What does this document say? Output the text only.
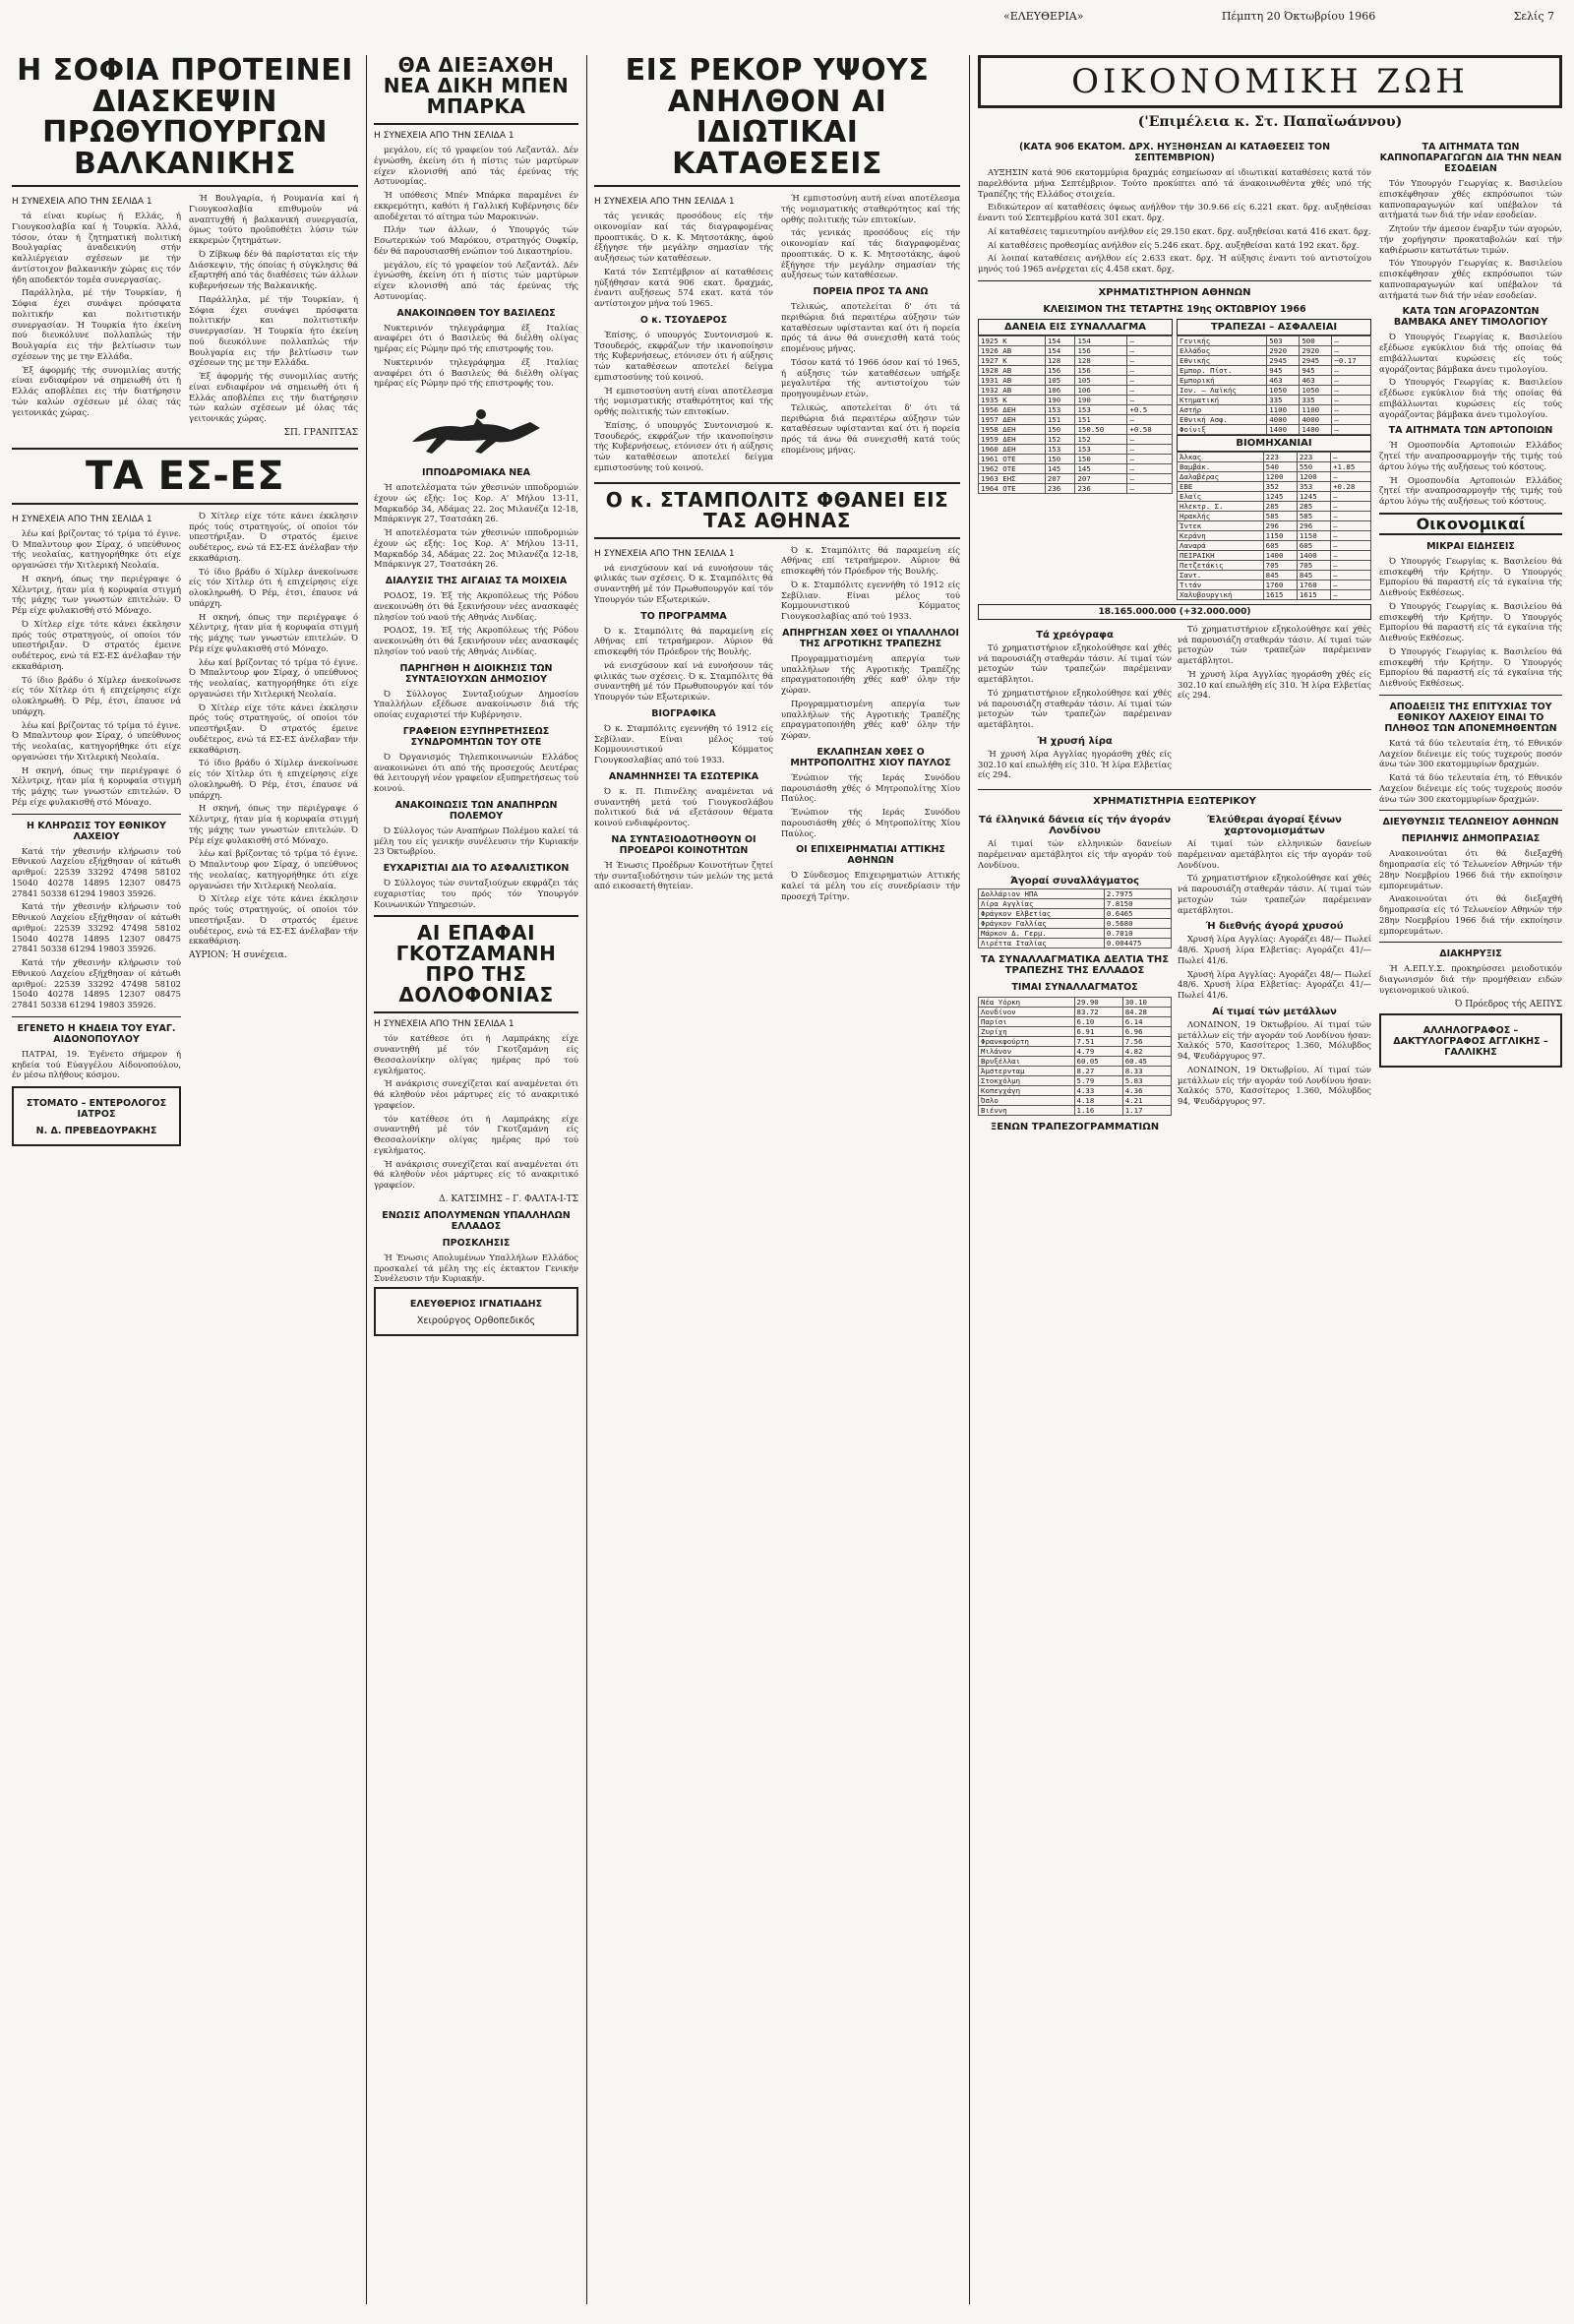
«ΕΛΕΥΘΕΡΙΑ»	Πέμπτη 20 Όκτωβρίου 1966	Σελίς 7
Η ΣΟΦΙΑ ΠΡΟΤΕΙΝΕΙ ΔΙΑΣΚΕΨΙΝ ΠΡΩΘΥΠΟΥΡΓΩΝ ΒΑΛΚΑΝΙΚΗΣ
Η ΣΥΝΕΧΕΙΑ ΑΠΟ ΤΗΝ ΣΕΛΙΔΑ 1

τά είναι κυρίως ή Ελλάς, ή Γιουγκοσλαβία καί ή Τουρκία. Άλλά, τόσον, όταν ή ζητηματική πολιτική Βουλγαρίας άναδεικνύη στήν καλλιέργειαν σχέσεων με τήν άντίστοιχον βαλκανικήν χώρας εις τόν ήδη αποδεκτόν τομέα συνεργασίας.

Παράλληλα, μέ τήν Τουρκίαν, ή Σόφια έχει συνάψει πρόσφατα πολιτικήν και πολιτιστικήν συνεργασίαν. Ή Τουρκία ήτο έκείνη πού διευκόλυνε πολλαπλώς τήν Βουλγαρία εις τήν βελτίωσιν των σχέσεων της με την Ελλάδα.

Έξ άφορμής τής συνομιλίας αυτής είναι ενδιαφέρον νά σημειωθή ότι ή Ελλάς αποβλέπει εις τήν διατήρησιν τών καλών σχέσεων μέ όλας τάς γειτονικάς χώρας.

Ή Βουλγαρία, ή Ρουμανία καί ή Γιουγκοσλαβία επιθυμούν νά αναπτυχθή ή βαλκανική συνεργασία, όμως τούτο προϋποθέτει λύσιν τών εκκρεμών ζητημάτων.

Ό Ζίβκωφ δέν θά παρίσταται είς τήν Διάσκεψιν, τής όποίας ή σύγκλησις θά εξαρτηθή από τάς διαθέσεις τών άλλων κυβερνήσεων τής Βαλκανικής.

Παράλληλα, μέ τήν Τουρκίαν, ή Σόφια έχει συνάψει πρόσφατα πολιτικήν και πολιτιστικήν συνεργασίαν. Ή Τουρκία ήτο έκείνη πού διευκόλυνε πολλαπλώς τήν Βουλγαρία εις τήν βελτίωσιν των σχέσεων της με την Ελλάδα.

Έξ άφορμής τής συνομιλίας αυτής είναι ενδιαφέρον νά σημειωθή ότι ή Ελλάς αποβλέπει εις τήν διατήρησιν τών καλών σχέσεων μέ όλας τάς γειτονικάς χώρας.

ΣΠ. ΓΡΑΝΙΤΣΑΣ
ΤΑ ΕΣ-ΕΣ
Η ΣΥΝΕΧΕΙΑ ΑΠΟ ΤΗΝ ΣΕΛΙΔΑ 1

λέω καί βρίζοντας τό τρίμα τό έγινε. Ό Μπαλντουρ φον Σίραχ, ό υπεύθυνος τής νεολαίας, κατηγορήθηκε ότι είχε οργανώσει τήν Χιτλερική Νεολαία.

Η σκηνή, όπως την περιέγραψε ό Χέλντριχ, ήταν μία ή κορυφαία στιγμή τής μάχης των γνωστών επιτελών. Ό Ρέμ είχε φυλακισθή στό Μόναχο.

Ό Χίτλερ είχε τότε κάνει έκκλησιν πρός τούς στρατηγούς, οί οποίοι τόν υπεστήριξαν. Ό στρατός έμεινε ουδέτερος, ενώ τά ΕΣ-ΕΣ άνέλαβαν τήν εκκαθάριση.

Τό ίδιο βράδυ ό Χίμλερ άνεκοίνωσε είς τόν Χίτλερ ότι ή επιχείρησις είχε ολοκληρωθή. Ό Ρέμ, έτσι, έπαυσε νά υπάρχη.

λέω καί βρίζοντας τό τρίμα τό έγινε. Ό Μπαλντουρ φον Σίραχ, ό υπεύθυνος τής νεολαίας, κατηγορήθηκε ότι είχε οργανώσει τήν Χιτλερική Νεολαία.

Η σκηνή, όπως την περιέγραψε ό Χέλντριχ, ήταν μία ή κορυφαία στιγμή τής μάχης των γνωστών επιτελών. Ό Ρέμ είχε φυλακισθή στό Μόναχο.

Η ΚΛΗΡΩΣΙΣ ΤΟΥ ΕΘΝΙΚΟΥ ΛΑΧΕΙΟΥ

Κατά τήν χθεσινήν κλήρωσιν τού Εθνικού Λαχείου εξήχθησαν οί κάτωθι αριθμοί: 22539 33292 47498 58102 15040 40278 14895 12307 08475 27841 50338 61294 19803 35926.

Κατά τήν χθεσινήν κλήρωσιν τού Εθνικού Λαχείου εξήχθησαν οί κάτωθι αριθμοί: 22539 33292 47498 58102 15040 40278 14895 12307 08475 27841 50338 61294 19803 35926.

Κατά τήν χθεσινήν κλήρωσιν τού Εθνικού Λαχείου εξήχθησαν οί κάτωθι αριθμοί: 22539 33292 47498 58102 15040 40278 14895 12307 08475 27841 50338 61294 19803 35926.

ΕΓΕΝΕΤΟ Η ΚΗΔΕΙΑ ΤΟΥ ΕΥΑΓ. ΑΙΔΟΝΟΠΟΥΛΟΥ

ΠΑΤΡΑΙ, 19. Έγένετο σήμερον ή κηδεία τού Εύαγγέλου Αίδονοπούλου, έν μέσω πλήθους κόσμου.

ΣΤΟΜΑΤΟ – ΕΝΤΕΡΟΛΟΓΟΣ ΙΑΤΡΟΣ
Ν. Δ. ΠΡΕΒΕΔΟΥΡΑΚΗΣ

Ό Χίτλερ είχε τότε κάνει έκκλησιν πρός τούς στρατηγούς, οί οποίοι τόν υπεστήριξαν. Ό στρατός έμεινε ουδέτερος, ενώ τά ΕΣ-ΕΣ άνέλαβαν τήν εκκαθάριση.

Τό ίδιο βράδυ ό Χίμλερ άνεκοίνωσε είς τόν Χίτλερ ότι ή επιχείρησις είχε ολοκληρωθή. Ό Ρέμ, έτσι, έπαυσε νά υπάρχη.

Η σκηνή, όπως την περιέγραψε ό Χέλντριχ, ήταν μία ή κορυφαία στιγμή τής μάχης των γνωστών επιτελών. Ό Ρέμ είχε φυλακισθή στό Μόναχο.

λέω καί βρίζοντας τό τρίμα τό έγινε. Ό Μπαλντουρ φον Σίραχ, ό υπεύθυνος τής νεολαίας, κατηγορήθηκε ότι είχε οργανώσει τήν Χιτλερική Νεολαία.

Ό Χίτλερ είχε τότε κάνει έκκλησιν πρός τούς στρατηγούς, οί οποίοι τόν υπεστήριξαν. Ό στρατός έμεινε ουδέτερος, ενώ τά ΕΣ-ΕΣ άνέλαβαν τήν εκκαθάριση.

Τό ίδιο βράδυ ό Χίμλερ άνεκοίνωσε είς τόν Χίτλερ ότι ή επιχείρησις είχε ολοκληρωθή. Ό Ρέμ, έτσι, έπαυσε νά υπάρχη.

Η σκηνή, όπως την περιέγραψε ό Χέλντριχ, ήταν μία ή κορυφαία στιγμή τής μάχης των γνωστών επιτελών. Ό Ρέμ είχε φυλακισθή στό Μόναχο.

λέω καί βρίζοντας τό τρίμα τό έγινε. Ό Μπαλντουρ φον Σίραχ, ό υπεύθυνος τής νεολαίας, κατηγορήθηκε ότι είχε οργανώσει τήν Χιτλερική Νεολαία.

Ό Χίτλερ είχε τότε κάνει έκκλησιν πρός τούς στρατηγούς, οί οποίοι τόν υπεστήριξαν. Ό στρατός έμεινε ουδέτερος, ενώ τά ΕΣ-ΕΣ άνέλαβαν τήν εκκαθάριση.

ΑΥΡΙΟΝ: Ή συνέχεια.
ΘΑ ΔΙΕΞΑΧΘΗ ΝΕΑ ΔΙΚΗ ΜΠΕΝ ΜΠΑΡΚΑ
Η ΣΥΝΕΧΕΙΑ ΑΠΟ ΤΗΝ ΣΕΛΙΔΑ 1

μεγάλου, είς τό γραφείον τού Λεζαντάλ. Δέν έγνώσθη, έκείνη ότι ή πίστις τών μαρτύρων είχεν κλονισθή από τάς έρεύνας τής Αστυνομίας.

Ή υπόθεσις Μπέν Μπάρκα παραμένει έν εκκρεμότητι, καθότι ή Γαλλική Κυβέρνησις δέν αποδέχεται τό αίτημα τών Μαροκινών.

Πλήν των άλλων, ό Υπουργός τών Εσωτερικών τού Μαρόκου, στρατηγός Ουφκίρ, δέν θά παρουσιασθή ενώπιον τού Δικαστηρίου.

μεγάλου, είς τό γραφείον τού Λεζαντάλ. Δέν έγνώσθη, έκείνη ότι ή πίστις τών μαρτύρων είχεν κλονισθή από τάς έρεύνας τής Αστυνομίας.

ΑΝΑΚΟΙΝΩΘΕΝ ΤΟΥ ΒΑΣΙΛΕΩΣ

Νυκτερινόν τηλεγράφημα έξ Ιταλίας αναφέρει ότι ό Βασιλεύς θά διέλθη ολίγας ημέρας είς Ρώμην πρό τής επιστροφής του.

Νυκτερινόν τηλεγράφημα έξ Ιταλίας αναφέρει ότι ό Βασιλεύς θά διέλθη ολίγας ημέρας είς Ρώμην πρό τής επιστροφής του.

ΙΠΠΟΔΡΟΜΙΑΚΑ ΝΕΑ

Ή αποτελέσματα τών χθεσινών ιπποδρομιών έχουν ώς εξής: 1ος Κορ. Α' Μήλου 13-11, Μαρκαδόρ 34, Αδάμας 22. 2ος Μιλανέζα 12-18, Μπάρκινγκ 27, Τσατσάκη 26.

Ή αποτελέσματα τών χθεσινών ιπποδρομιών έχουν ώς εξής: 1ος Κορ. Α' Μήλου 13-11, Μαρκαδόρ 34, Αδάμας 22. 2ος Μιλανέζα 12-18, Μπάρκινγκ 27, Τσατσάκη 26.

ΔΙΑΛΥΣΙΣ ΤΗΣ ΑΙΓΑΙΑΣ ΤΑ ΜΟΙΧΕΙΑ

ΡΟΔΟΣ, 19. Έξ τής Ακροπόλεως τής Ρόδου ανεκοινώθη ότι θά ξεκινήσουν νέες ανασκαφές πλησίον τού ναού τής Αθηνάς Λινδίας.

ΡΟΔΟΣ, 19. Έξ τής Ακροπόλεως τής Ρόδου ανεκοινώθη ότι θά ξεκινήσουν νέες ανασκαφές πλησίον τού ναού τής Αθηνάς Λινδίας.

ΠΑΡΗΓΗΘΗ Η ΔΙΟΙΚΗΣΙΣ ΤΩΝ ΣΥΝΤΑΞΙΟΥΧΩΝ ΔΗΜΟΣΙΟΥ

Ό Σύλλογος Συνταξιούχων Δημοσίου Υπαλλήλων εξέδωσε ανακοίνωσιν διά τής οποίας ευχαριστεί τήν Κυβέρνησιν.

ΓΡΑΦΕΙΟΝ ΕΞΥΠΗΡΕΤΗΣΕΩΣ ΣΥΝΔΡΟΜΗΤΩΝ ΤΟΥ ΟΤΕ

Ό Όργανισμός Τηλεπικοινωνιών Ελλάδος ανακοινώνει ότι από τής προσεχούς Δευτέρας θά λειτουργή νέον γραφείον εξυπηρετήσεως τού κοινού.

ΑΝΑΚΟΙΝΩΣΙΣ ΤΩΝ ΑΝΑΠΗΡΩΝ ΠΟΛΕΜΟΥ

Ό Σύλλογος τών Αναπήρων Πολέμου καλεί τά μέλη του είς γενικήν συνέλευσιν τήν Κυριακήν 23 Όκτωβρίου.

ΕΥΧΑΡΙΣΤΙΑΙ ΔΙΑ ΤΟ ΑΣΦΑΛΙΣΤΙΚΟΝ

Ό Σύλλογος τών συνταξιούχων εκφράζει τάς ευχαριστίας του πρός τόν Υπουργόν Κοινωνικών Υπηρεσιών.

ΑΙ ΕΠΑΦΑΙ ΓΚΟΤΖΑΜΑΝΗ ΠΡΟ ΤΗΣ ΔΟΛΟΦΟΝΙΑΣ
Η ΣΥΝΕΧΕΙΑ ΑΠΟ ΤΗΝ ΣΕΛΙΔΑ 1

τόν κατέθεσε ότι ή Λαμπράκης είχε συναντηθή μέ τόν Γκοτζαμάνη είς Θεσσαλονίκην ολίγας ημέρας πρό τού εγκλήματος.

Ή ανάκρισις συνεχίζεται καί αναμένεται ότι θά κληθούν νέοι μάρτυρες είς τό ανακριτικό γραφείον.

τόν κατέθεσε ότι ή Λαμπράκης είχε συναντηθή μέ τόν Γκοτζαμάνη είς Θεσσαλονίκην ολίγας ημέρας πρό τού εγκλήματος.

Ή ανάκρισις συνεχίζεται καί αναμένεται ότι θά κληθούν νέοι μάρτυρες είς τό ανακριτικό γραφείον.

Δ. ΚΑΤΣΙΜΗΣ – Γ. ΦΑΛΤΑ-Ι-ΤΣ
ΕΝΩΣΙΣ ΑΠΟΛΥΜΕΝΩΝ ΥΠΑΛΛΗΛΩΝ ΕΛΛΑΔΟΣ
ΠΡΟΣΚΛΗΣΙΣ

Ή Ένωσις Απολυμένων Υπαλλήλων Ελλάδος προσκαλεί τά μέλη της είς έκτακτον Γενικήν Συνέλευσιν τήν Κυριακήν.

ΕΛΕΥΘΕΡΙΟΣ ΙΓΝΑΤΙΑΔΗΣ
Χειρούργος Ορθοπεδικός
ΕΙΣ ΡΕΚΟΡ ΥΨΟΥΣ ΑΝΗΛΘΟΝ ΑΙ ΙΔΙΩΤΙΚΑΙ ΚΑΤΑΘΕΣΕΙΣ
Η ΣΥΝΕΧΕΙΑ ΑΠΟ ΤΗΝ ΣΕΛΙΔΑ 1

τάς γενικάς προσόδους είς τήν οικονομίαν καί τάς διαγραφομένας προοπτικάς. Ό κ. Κ. Μητσοτάκης, άφού έξήγησε τήν μεγάλην σημασίαν τής αυξήσεως τών καταθέσεων.

Κατά τόν Σεπτέμβριον αί καταθέσεις ηύξήθησαν κατά 906 εκατ. δραχμάς, έναντι αυξήσεως 574 εκατ. κατά τόν αντίστοιχον μήνα τού 1965.

Ο κ. ΤΣΟΥΔΕΡΟΣ

Έπίσης, ό υπουργός Συντονισμού κ. Τσουδερός, εκφράζων τήν ικανοποίησιν τής Κυβερνήσεως, ετόνισεν ότι ή αύξησις τών καταθέσεων αποτελεί δείγμα εμπιστοσύνης τού κοινού.

Ή εμπιστοσύνη αυτή είναι αποτέλεσμα τής νομισματικής σταθερότητος καί τής ορθής πολιτικής τών επιτοκίων.

Έπίσης, ό υπουργός Συντονισμού κ. Τσουδερός, εκφράζων τήν ικανοποίησιν τής Κυβερνήσεως, ετόνισεν ότι ή αύξησις τών καταθέσεων αποτελεί δείγμα εμπιστοσύνης τού κοινού.

Ή εμπιστοσύνη αυτή είναι αποτέλεσμα τής νομισματικής σταθερότητος καί τής ορθής πολιτικής τών επιτοκίων.

τάς γενικάς προσόδους είς τήν οικονομίαν καί τάς διαγραφομένας προοπτικάς. Ό κ. Κ. Μητσοτάκης, άφού έξήγησε τήν μεγάλην σημασίαν τής αυξήσεως τών καταθέσεων.

ΠΟΡΕΙΑ ΠΡΟΣ ΤΑ ΑΝΩ

Τελικώς, αποτελείται δ' ότι τά περιθώρια διά περαιτέρω αύξησιν τών καταθέσεων υφίστανται καί ότι ή πορεία πρός τά άνω θά συνεχισθή κατά τούς επομένους μήνας.

Τόσον κατά τό 1966 όσον καί τό 1965, ή αύξησις τών καταθέσεων υπήρξε μεγαλυτέρα τής αντιστοίχου τών προηγουμένων ετών.

Τελικώς, αποτελείται δ' ότι τά περιθώρια διά περαιτέρω αύξησιν τών καταθέσεων υφίστανται καί ότι ή πορεία πρός τά άνω θά συνεχισθή κατά τούς επομένους μήνας.

Ο κ. ΣΤΑΜΠΟΛΙΤΣ ΦΘΑΝΕΙ ΕΙΣ ΤΑΣ ΑΘΗΝΑΣ
Η ΣΥΝΕΧΕΙΑ ΑΠΟ ΤΗΝ ΣΕΛΙΔΑ 1

νά ενισχύσουν καί νά ευνοήσουν τάς φιλικάς των σχέσεις. Ό κ. Σταμπόλιτς θά συναντηθή μέ τόν Πρωθυπουργόν καί τόν Υπουργόν τών Εξωτερικών.

ΤΟ ΠΡΟΓΡΑΜΜΑ

Ό κ. Σταμπόλιτς θά παραμείνη είς Αθήνας επί τετραήμερον. Αύριον θά επισκεφθή τόν Πρόεδρον τής Βουλής.

νά ενισχύσουν καί νά ευνοήσουν τάς φιλικάς των σχέσεις. Ό κ. Σταμπόλιτς θά συναντηθή μέ τόν Πρωθυπουργόν καί τόν Υπουργόν τών Εξωτερικών.

ΒΙΟΓΡΑΦΙΚΑ

Ό κ. Σταμπόλιτς εγεννήθη τό 1912 είς Σεβίλιαν. Είναι μέλος τού Κομμουνιστικού Κόμματος Γιουγκοσλαβίας από τού 1933.

ΑΝΑΜΗΝΗΣΕΙ ΤΑ ΕΣΩΤΕΡΙΚΑ

Ό κ. Π. Πιπινέλης αναμένεται νά συναντηθή μετά τού Γιουγκοσλάβου πολιτικού διά νά εξετάσουν θέματα κοινού ενδιαφέροντος.

ΝΑ ΣΥΝΤΑΞΙΟΔΟΤΗΘΟΥΝ ΟΙ ΠΡΟΕΔΡΟΙ ΚΟΙΝΟΤΗΤΩΝ

Ή Ένωσις Προέδρων Κοινοτήτων ζητεί τήν συνταξιοδότησιν τών μελών της μετά από εικοσαετή θητείαν.

Ό κ. Σταμπόλιτς θά παραμείνη είς Αθήνας επί τετραήμερον. Αύριον θά επισκεφθή τόν Πρόεδρον τής Βουλής.

Ό κ. Σταμπόλιτς εγεννήθη τό 1912 είς Σεβίλιαν. Είναι μέλος τού Κομμουνιστικού Κόμματος Γιουγκοσλαβίας από τού 1933.

ΑΠΗΡΓΗΣΑΝ ΧΘΕΣ ΟΙ ΥΠΑΛΛΗΛΟΙ ΤΗΣ ΑΓΡΟΤΙΚΗΣ ΤΡΑΠΕΖΗΣ

Προγραμματισμένη απεργία των υπαλλήλων τής Αγροτικής Τραπέζης επραγματοποιήθη χθές καθ' όλην τήν χώραν.

Προγραμματισμένη απεργία των υπαλλήλων τής Αγροτικής Τραπέζης επραγματοποιήθη χθές καθ' όλην τήν χώραν.

ΕΚΛΑΠΗΣΑΝ ΧΘΕΣ Ο ΜΗΤΡΟΠΟΛΙΤΗΣ ΧΙΟΥ ΠΑΥΛΟΣ

Ένώπιον τής Ιεράς Συνόδου παρουσιάσθη χθές ό Μητροπολίτης Χίου Παύλος.

Ένώπιον τής Ιεράς Συνόδου παρουσιάσθη χθές ό Μητροπολίτης Χίου Παύλος.

ΟΙ ΕΠΙΧΕΙΡΗΜΑΤΙΑΙ ΑΤΤΙΚΗΣ ΑΘΗΝΩΝ

Ό Σύνδεσμος Επιχειρηματιών Αττικής καλεί τά μέλη του είς συνεδρίασιν τήν προσεχή Τρίτην.

ΟΙΚΟΝΟΜΙΚΗ ΖΩΗ
('Επιμέλεια κ. Στ. Παπαϊωάννου)
(ΚΑΤΑ 906 ΕΚΑΤΟΜ. ΔΡΧ. ΗΥΞΗΘΗΣΑΝ ΑΙ ΚΑΤΑΘΕΣΕΙΣ ΤΟΝ ΣΕΠΤΕΜΒΡΙΟΝ)

ΑΥΞΗΣΙΝ κατά 906 εκατομμύρια δραχμάς εσημείωσαν αί ιδιωτικαί καταθέσεις κατά τόν παρελθόντα μήνα Σεπτέμβριον. Τούτο προκύπτει από τά άνακοινωθέντα χθές υπό τής Τραπέζης τής Ελλάδος στοιχεία.

Ειδικώτερον αί καταθέσεις όψεως ανήλθον τήν 30.9.66 είς 6.221 εκατ. δρχ. αυξηθείσαι έναντι τού Σεπτεμβρίου κατά 301 εκατ. δρχ.

Αί καταθέσεις ταμιευτηρίου ανήλθον είς 29.150 εκατ. δρχ. αυξηθείσαι κατά 416 εκατ. δρχ.

Αί καταθέσεις προθεσμίας ανήλθον είς 5.246 εκατ. δρχ. αυξηθείσαι κατά 192 εκατ. δρχ.

Αί λοιπαί καταθέσεις ανήλθον είς 2.633 εκατ. δρχ. Ή αύξησις έναντι τού αντιστοίχου μηνός τού 1965 ανέρχεται είς 4.458 εκατ. δρχ.

ΧΡΗΜΑΤΙΣΤΗΡΙΟΝ ΑΘΗΝΩΝ
ΚΛΕΙΣΙΜΟΝ ΤΗΣ ΤΕΤΑΡΤΗΣ 19ης ΟΚΤΩΒΡΙΟΥ 1966
ΔΑΝΕΙΑ ΕΙΣ ΣΥΝΑΛΛΑΓΜΑ
1925 Κ	154	154	—
1926 ΑΒ	154	156	—
1927 Κ	128	128	—
1928 ΑΒ	156	156	—
1931 ΑΒ	105	105	—
1932 ΑΒ	106	106	—
1935 Κ	190	190	—
1956 ΔΕΗ	153	153	+0.5
1957 ΔΕΗ	151	151	—
1958 ΔΕΗ	150	150.50	+0.50
1959 ΔΕΗ	152	152	—
1960 ΔΕΗ	153	153	—
1961 ΟΤΕ	150	150	—
1962 ΟΤΕ	145	145	—
1963 ΕΗΣ	207	207	—
1964 ΟΤΕ	236	236	—
ΤΡΑΠΕΖΑΙ – ΑΣΦΑΛΕΙΑΙ
Γενικής	503	500	—
Ελλάδος	2920	2920	—
Εθνικής	2945	2945	−0.17
Εμπορ. Πίστ.	945	945	—
Εμπορική	463	463	—
Ιον. – Λαϊκής	1050	1050	—
Κτηματική	335	335	—
Αστήρ	1100	1100	—
Εθνική Ασφ.	4000	4000	—
Φοίνιξ	1400	1400	—
ΒΙΟΜΗΧΑΝΙΑΙ
Άλκας	223	223	—
Βαμβάκ.	540	550	+1.85
Δαλαβέρας	1200	1200	—
ΕΒΕ	352	353	+0.28
Ελαϊς	1245	1245	—
Ηλεκτρ. Σ.	285	285	—
Ηρακλής	585	585	—
Ίντεκ	296	296	—
Κεράνη	1150	1150	—
Λαναρά	605	605	—
ΠΕΙΡΑΙΚΗ	1400	1400	—
Πετζετάκις	705	705	—
Σαντ.	845	845	—
Τιτάν	1760	1760	—
Χαλυβουργική	1615	1615	—
18.165.000.000 (+32.000.000)
Τά χρεόγραφα

Τό χρηματιστήριον εξηκολούθησε καί χθές νά παρουσιάζη σταθεράν τάσιν. Αί τιμαί τών μετοχών τών τραπεζών παρέμειναν αμετάβλητοι.

Τό χρηματιστήριον εξηκολούθησε καί χθές νά παρουσιάζη σταθεράν τάσιν. Αί τιμαί τών μετοχών τών τραπεζών παρέμειναν αμετάβλητοι.

Ή χρυσή λίρα

Ή χρυσή λίρα Αγγλίας ηγοράσθη χθές είς 302.10 καί επωλήθη είς 310. Ή λίρα Ελβετίας είς 294.

Τό χρηματιστήριον εξηκολούθησε καί χθές νά παρουσιάζη σταθεράν τάσιν. Αί τιμαί τών μετοχών τών τραπεζών παρέμειναν αμετάβλητοι.

Ή χρυσή λίρα Αγγλίας ηγοράσθη χθές είς 302.10 καί επωλήθη είς 310. Ή λίρα Ελβετίας είς 294.

ΧΡΗΜΑΤΙΣΤΗΡΙΑ ΕΞΩΤΕΡΙΚΟΥ
Τά έλληνικά δάνεια είς τήν άγοράν Λονδίνου

Αί τιμαί τών ελληνικών δανείων παρέμειναν αμετάβλητοι είς τήν αγοράν τού Λονδίνου.

Άγοραί συναλλάγματος
Δολλάριον ΗΠΑ	2.7975
Λίρα Αγγλίας	7.8150
Φράγκον Ελβετίας	0.6465
Φράγκον Γαλλίας	0.5680
Μάρκον Δ. Γερμ.	0.7010
Λιρέττα Ιταλίας	0.004475
ΤΑ ΣΥΝΑΛΛΑΓΜΑΤΙΚΑ ΔΕΛΤΙΑ ΤΗΣ ΤΡΑΠΕΖΗΣ ΤΗΣ ΕΛΛΑΔΟΣ
ΤΙΜΑΙ ΣΥΝΑΛΛΑΓΜΑΤΟΣ
Νέα Υόρκη	29.90	30.10
Λονδίνον	83.72	84.28
Παρίσι	6.10	6.14
Ζυρίχη	6.91	6.96
Φρανκφούρτη	7.51	7.56
Μιλάνον	4.79	4.82
Βρυξέλλαι	60.05	60.45
Άμστερνταμ	8.27	8.33
Στοκχόλμη	5.79	5.83
Κοπεγχάγη	4.33	4.36
Όσλο	4.18	4.21
Βιέννη	1.16	1.17
ΞΕΝΩΝ ΤΡΑΠΕΖΟΓΡΑΜΜΑΤΙΩΝ
Έλεύθεραι άγοραί ξένων χαρτονομισμάτων

Αί τιμαί τών ελληνικών δανείων παρέμειναν αμετάβλητοι είς τήν αγοράν τού Λονδίνου.

Τό χρηματιστήριον εξηκολούθησε καί χθές νά παρουσιάζη σταθεράν τάσιν. Αί τιμαί τών μετοχών τών τραπεζών παρέμειναν αμετάβλητοι.

Ή διεθνής άγορά χρυσού

Χρυσή λίρα Αγγλίας: Αγοράζει 48/— Πωλεί 48/6. Χρυσή λίρα Ελβετίας: Αγοράζει 41/— Πωλεί 41/6.

Χρυσή λίρα Αγγλίας: Αγοράζει 48/— Πωλεί 48/6. Χρυσή λίρα Ελβετίας: Αγοράζει 41/— Πωλεί 41/6.

Αί τιμαί τών μετάλλων

ΛΟΝΔΙΝΟΝ, 19 Όκτωβρίου. Αί τιμαί τών μετάλλων είς τήν αγοράν τού Λονδίνου ήσαν: Χαλκός 570, Κασσίτερος 1.360, Μόλυβδος 94, Ψευδάργυρος 97.

ΛΟΝΔΙΝΟΝ, 19 Όκτωβρίου. Αί τιμαί τών μετάλλων είς τήν αγοράν τού Λονδίνου ήσαν: Χαλκός 570, Κασσίτερος 1.360, Μόλυβδος 94, Ψευδάργυρος 97.

ΤΑ ΑΙΤΗΜΑΤΑ ΤΩΝ ΚΑΠΝΟΠΑΡΑΓΩΓΩΝ ΔΙΑ ΤΗΝ ΝΕΑΝ ΕΣΟΔΕΙΑΝ

Τόν Υπουργόν Γεωργίας κ. Βασιλείου επισκέφθησαν χθές εκπρόσωποι τών καπνοπαραγωγών καί υπέβαλον τά αιτήματά των διά τήν νέαν εσοδείαν.

Ζητούν τήν άμεσον έναρξιν τών αγορών, τήν χορήγησιν προκαταβολών καί τήν καθιέρωσιν κατωτάτων τιμών.

Τόν Υπουργόν Γεωργίας κ. Βασιλείου επισκέφθησαν χθές εκπρόσωποι τών καπνοπαραγωγών καί υπέβαλον τά αιτήματά των διά τήν νέαν εσοδείαν.

ΚΑΤΑ ΤΩΝ ΑΓΟΡΑΖΟΝΤΩΝ ΒΑΜΒΑΚΑ ΑΝΕΥ ΤΙΜΟΛΟΓΙΟΥ

Ό Υπουργός Γεωργίας κ. Βασιλείου εξέδωσε εγκύκλιον διά τής οποίας θά επιβάλλωνται κυρώσεις είς τούς αγοράζοντας βάμβακα άνευ τιμολογίου.

Ό Υπουργός Γεωργίας κ. Βασιλείου εξέδωσε εγκύκλιον διά τής οποίας θά επιβάλλωνται κυρώσεις είς τούς αγοράζοντας βάμβακα άνευ τιμολογίου.

ΤΑ ΑΙΤΗΜΑΤΑ ΤΩΝ ΑΡΤΟΠΟΙΩΝ

Ή Ομοσπονδία Αρτοποιών Ελλάδος ζητεί τήν αναπροσαρμογήν τής τιμής τού άρτου λόγω τής αυξήσεως τού κόστους.

Ή Ομοσπονδία Αρτοποιών Ελλάδος ζητεί τήν αναπροσαρμογήν τής τιμής τού άρτου λόγω τής αυξήσεως τού κόστους.

Οικονομικαί
ΜΙΚΡΑΙ ΕΙΔΗΣΕΙΣ

Ό Υπουργός Γεωργίας κ. Βασιλείου θά επισκεφθή τήν Κρήτην. Ό Υπουργός Εμπορίου θά παραστή είς τά εγκαίνια τής Διεθνούς Εκθέσεως.

Ό Υπουργός Γεωργίας κ. Βασιλείου θά επισκεφθή τήν Κρήτην. Ό Υπουργός Εμπορίου θά παραστή είς τά εγκαίνια τής Διεθνούς Εκθέσεως.

Ό Υπουργός Γεωργίας κ. Βασιλείου θά επισκεφθή τήν Κρήτην. Ό Υπουργός Εμπορίου θά παραστή είς τά εγκαίνια τής Διεθνούς Εκθέσεως.

ΑΠΟΔΕΙΞΙΣ ΤΗΣ ΕΠΙΤΥΧΙΑΣ ΤΟΥ ΕΘΝΙΚΟΥ ΛΑΧΕΙΟΥ ΕΙΝΑΙ ΤΟ ΠΛΗΘΟΣ ΤΩΝ ΑΠΟΝΕΜΗΘΕΝΤΩΝ

Κατά τά δύο τελευταία έτη, τό Εθνικόν Λαχείον διένειμε είς τούς τυχερούς ποσόν άνω τών 300 εκατομμυρίων δραχμών.

Κατά τά δύο τελευταία έτη, τό Εθνικόν Λαχείον διένειμε είς τούς τυχερούς ποσόν άνω τών 300 εκατομμυρίων δραχμών.

ΔΙΕΥΘΥΝΣΙΣ ΤΕΛΩΝΕΙΟΥ ΑΘΗΝΩΝ
ΠΕΡΙΛΗΨΙΣ ΔΗΜΟΠΡΑΣΙΑΣ

Ανακοινούται ότι θά διεξαχθή δημοπρασία είς τό Τελωνείον Αθηνών τήν 28ην Νοεμβρίου 1966 διά τήν εκποίησιν εμπορευμάτων.

Ανακοινούται ότι θά διεξαχθή δημοπρασία είς τό Τελωνείον Αθηνών τήν 28ην Νοεμβρίου 1966 διά τήν εκποίησιν εμπορευμάτων.

ΔΙΑΚΗΡΥΞΙΣ

Ή Α.ΕΠ.Υ.Σ. προκηρύσσει μειοδοτικόν διαγωνισμόν διά τήν προμήθειαν ειδών υγειονομικού υλικού.

Ό Πρόεδρος τής ΑΕΠΥΣ
ΑΛΛΗΛΟΓΡΑΦΟΣ – ΔΑΚΤΥΛΟΓΡΑΦΟΣ ΑΓΓΛΙΚΗΣ – ΓΑΛΛΙΚΗΣ
